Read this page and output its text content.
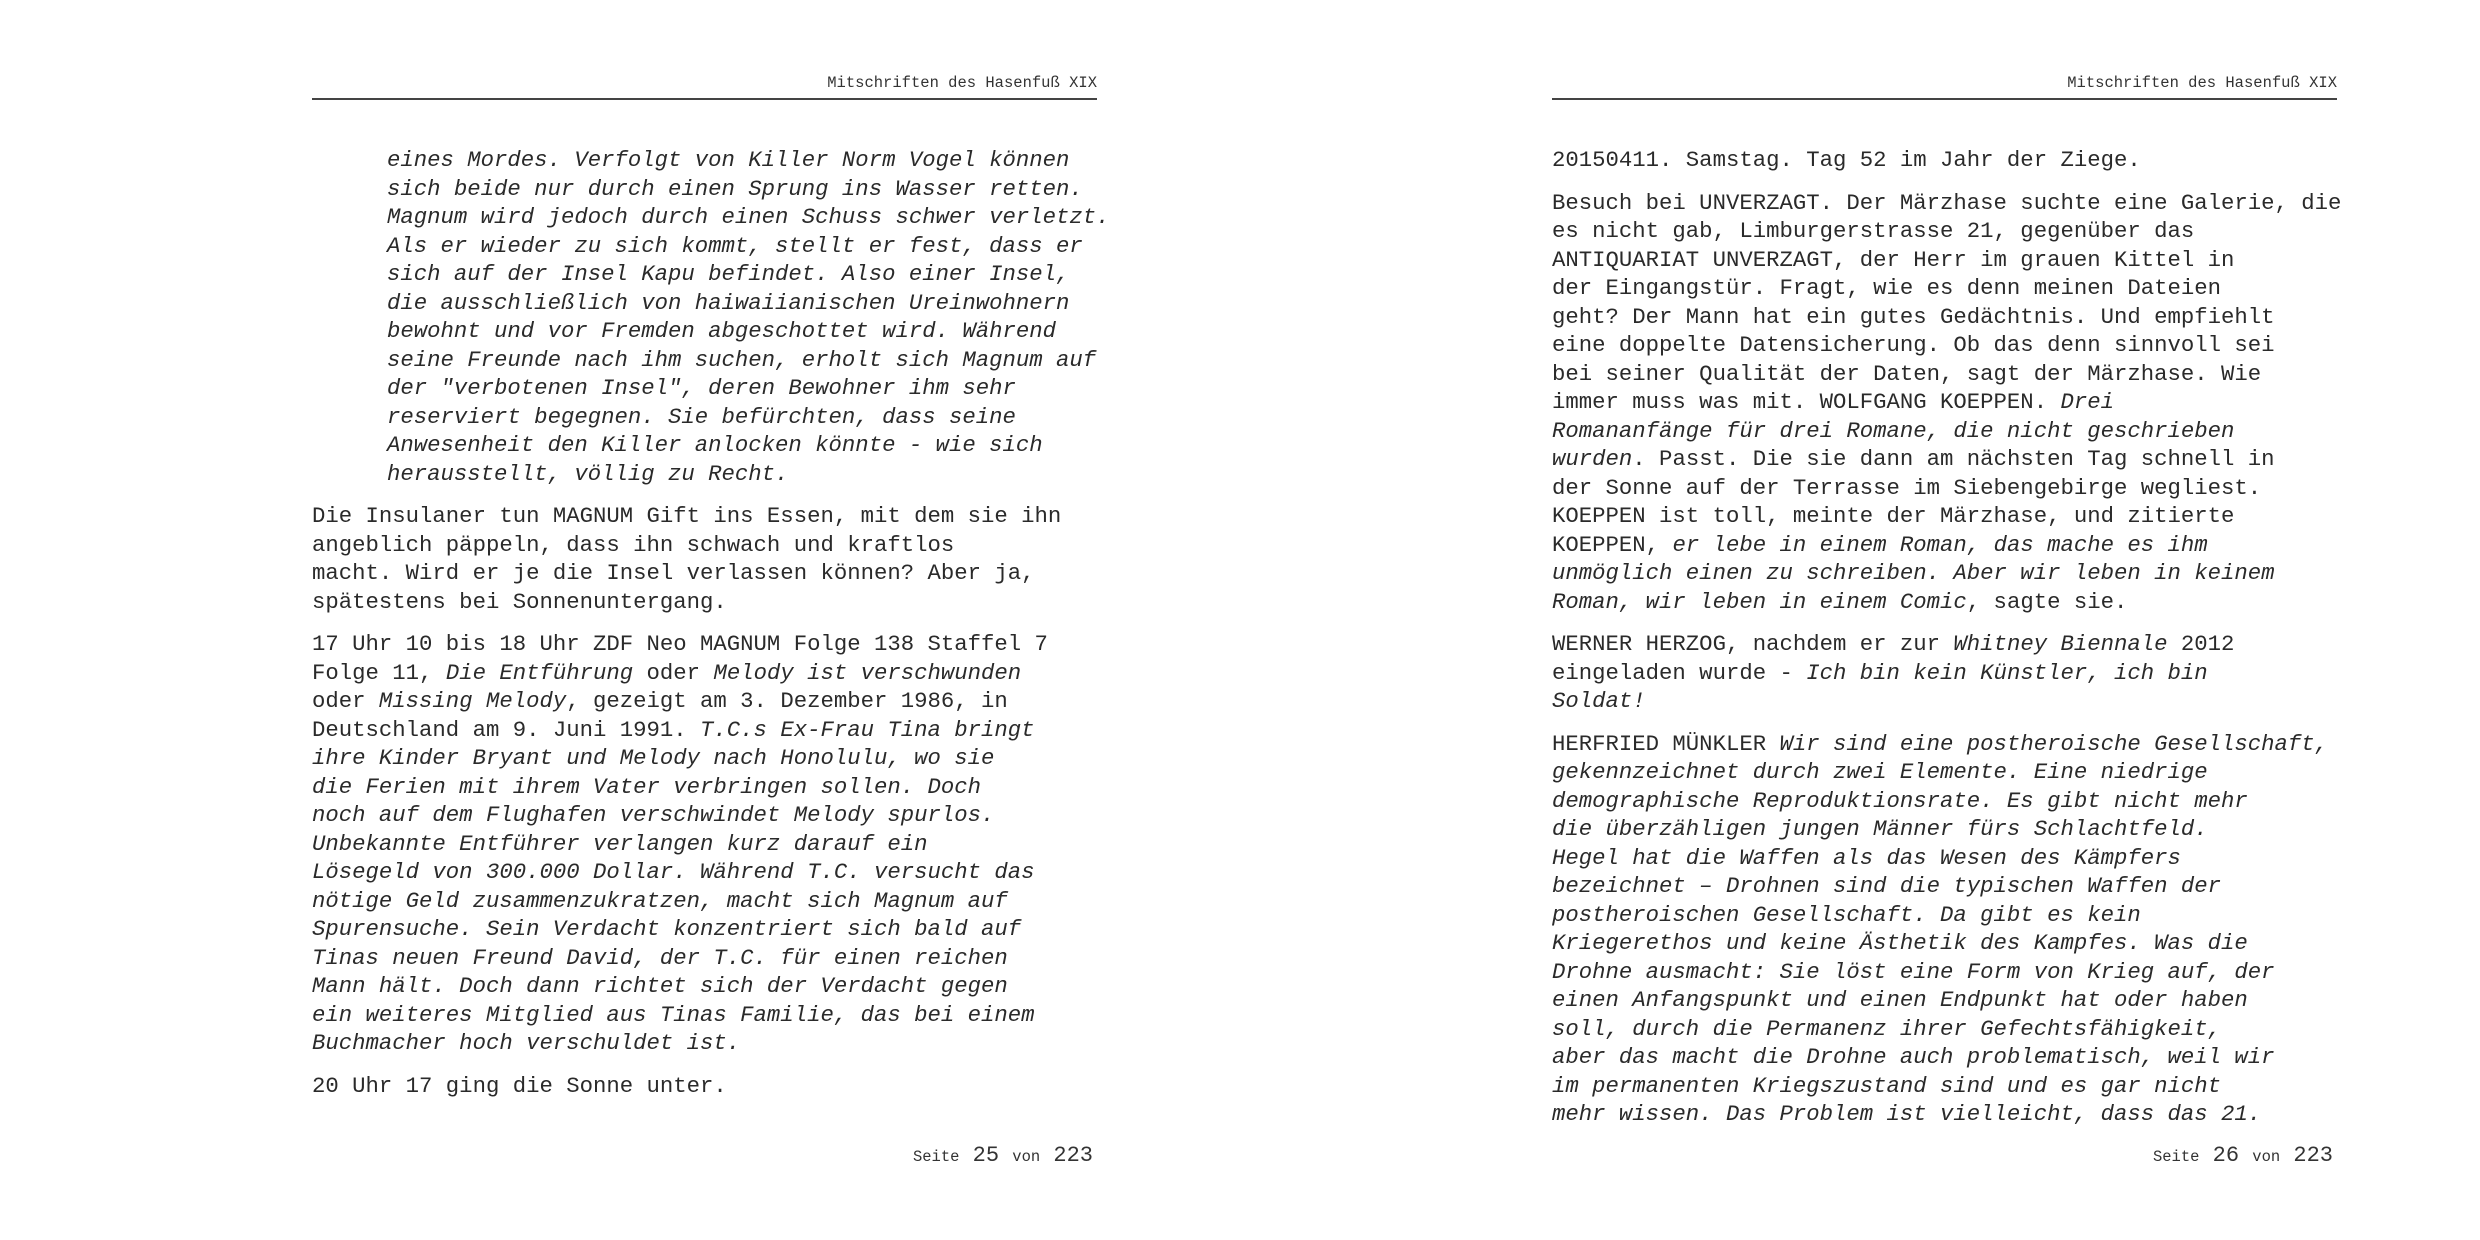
Mitschriften des Hasenfuß XIX

eines Mordes. Verfolgt von Killer Norm Vogel können
sich beide nur durch einen Sprung ins Wasser retten.
Magnum wird jedoch durch einen Schuss schwer verletzt.
Als er wieder zu sich kommt, stellt er fest, dass er
sich auf der Insel Kapu befindet. Also einer Insel,
die ausschließlich von haiwaiianischen Ureinwohnern
bewohnt und vor Fremden abgeschottet wird. Während
seine Freunde nach ihm suchen, erholt sich Magnum auf
der "verbotenen Insel", deren Bewohner ihm sehr
reserviert begegnen. Sie befürchten, dass seine
Anwesenheit den Killer anlocken könnte - wie sich
herausstellt, völlig zu Recht.

Die Insulaner tun MAGNUM Gift ins Essen, mit dem sie ihn
angeblich päppeln, dass ihn schwach und kraftlos
macht. Wird er je die Insel verlassen können? Aber ja,
spätestens bei Sonnenuntergang.

17 Uhr 10 bis 18 Uhr ZDF Neo MAGNUM Folge 138 Staffel 7
Folge 11, Die Entführung oder Melody ist verschwunden
oder Missing Melody, gezeigt am 3. Dezember 1986, in
Deutschland am 9. Juni 1991. T.C.s Ex-Frau Tina bringt
ihre Kinder Bryant und Melody nach Honolulu, wo sie
die Ferien mit ihrem Vater verbringen sollen. Doch
noch auf dem Flughafen verschwindet Melody spurlos.
Unbekannte Entführer verlangen kurz darauf ein
Lösegeld von 300.000 Dollar. Während T.C. versucht das
nötige Geld zusammenzukratzen, macht sich Magnum auf
Spurensuche. Sein Verdacht konzentriert sich bald auf
Tinas neuen Freund David, der T.C. für einen reichen
Mann hält. Doch dann richtet sich der Verdacht gegen
ein weiteres Mitglied aus Tinas Familie, das bei einem
Buchmacher hoch verschuldet ist.

20 Uhr 17 ging die Sonne unter.

Seite 25 von 223
Mitschriften des Hasenfuß XIX

20150411. Samstag. Tag 52 im Jahr der Ziege.

Besuch bei UNVERZAGT. Der Märzhase suchte eine Galerie, die
es nicht gab, Limburgerstrasse 21, gegenüber das
ANTIQUARIAT UNVERZAGT, der Herr im grauen Kittel in
der Eingangstür. Fragt, wie es denn meinen Dateien
geht? Der Mann hat ein gutes Gedächtnis. Und empfiehlt
eine doppelte Datensicherung. Ob das denn sinnvoll sei
bei seiner Qualität der Daten, sagt der Märzhase. Wie
immer muss was mit. WOLFGANG KOEPPEN. Drei
Romananfänge für drei Romane, die nicht geschrieben
wurden. Passt. Die sie dann am nächsten Tag schnell in
der Sonne auf der Terrasse im Siebengebirge wegliest.
KOEPPEN ist toll, meinte der Märzhase, und zitierte
KOEPPEN, er lebe in einem Roman, das mache es ihm
unmöglich einen zu schreiben. Aber wir leben in keinem
Roman, wir leben in einem Comic, sagte sie.

WERNER HERZOG, nachdem er zur Whitney Biennale 2012
eingeladen wurde - Ich bin kein Künstler, ich bin
Soldat!

HERFRIED MÜNKLER Wir sind eine postheroische Gesellschaft,
gekennzeichnet durch zwei Elemente. Eine niedrige
demographische Reproduktionsrate. Es gibt nicht mehr
die überzähligen jungen Männer fürs Schlachtfeld.
Hegel hat die Waffen als das Wesen des Kämpfers
bezeichnet – Drohnen sind die typischen Waffen der
postheroischen Gesellschaft. Da gibt es kein
Kriegerethos und keine Ästhetik des Kampfes. Was die
Drohne ausmacht: Sie löst eine Form von Krieg auf, der
einen Anfangspunkt und einen Endpunkt hat oder haben
soll, durch die Permanenz ihrer Gefechtsfähigkeit,
aber das macht die Drohne auch problematisch, weil wir
im permanenten Kriegszustand sind und es gar nicht
mehr wissen. Das Problem ist vielleicht, dass das 21.

Seite 26 von 223
